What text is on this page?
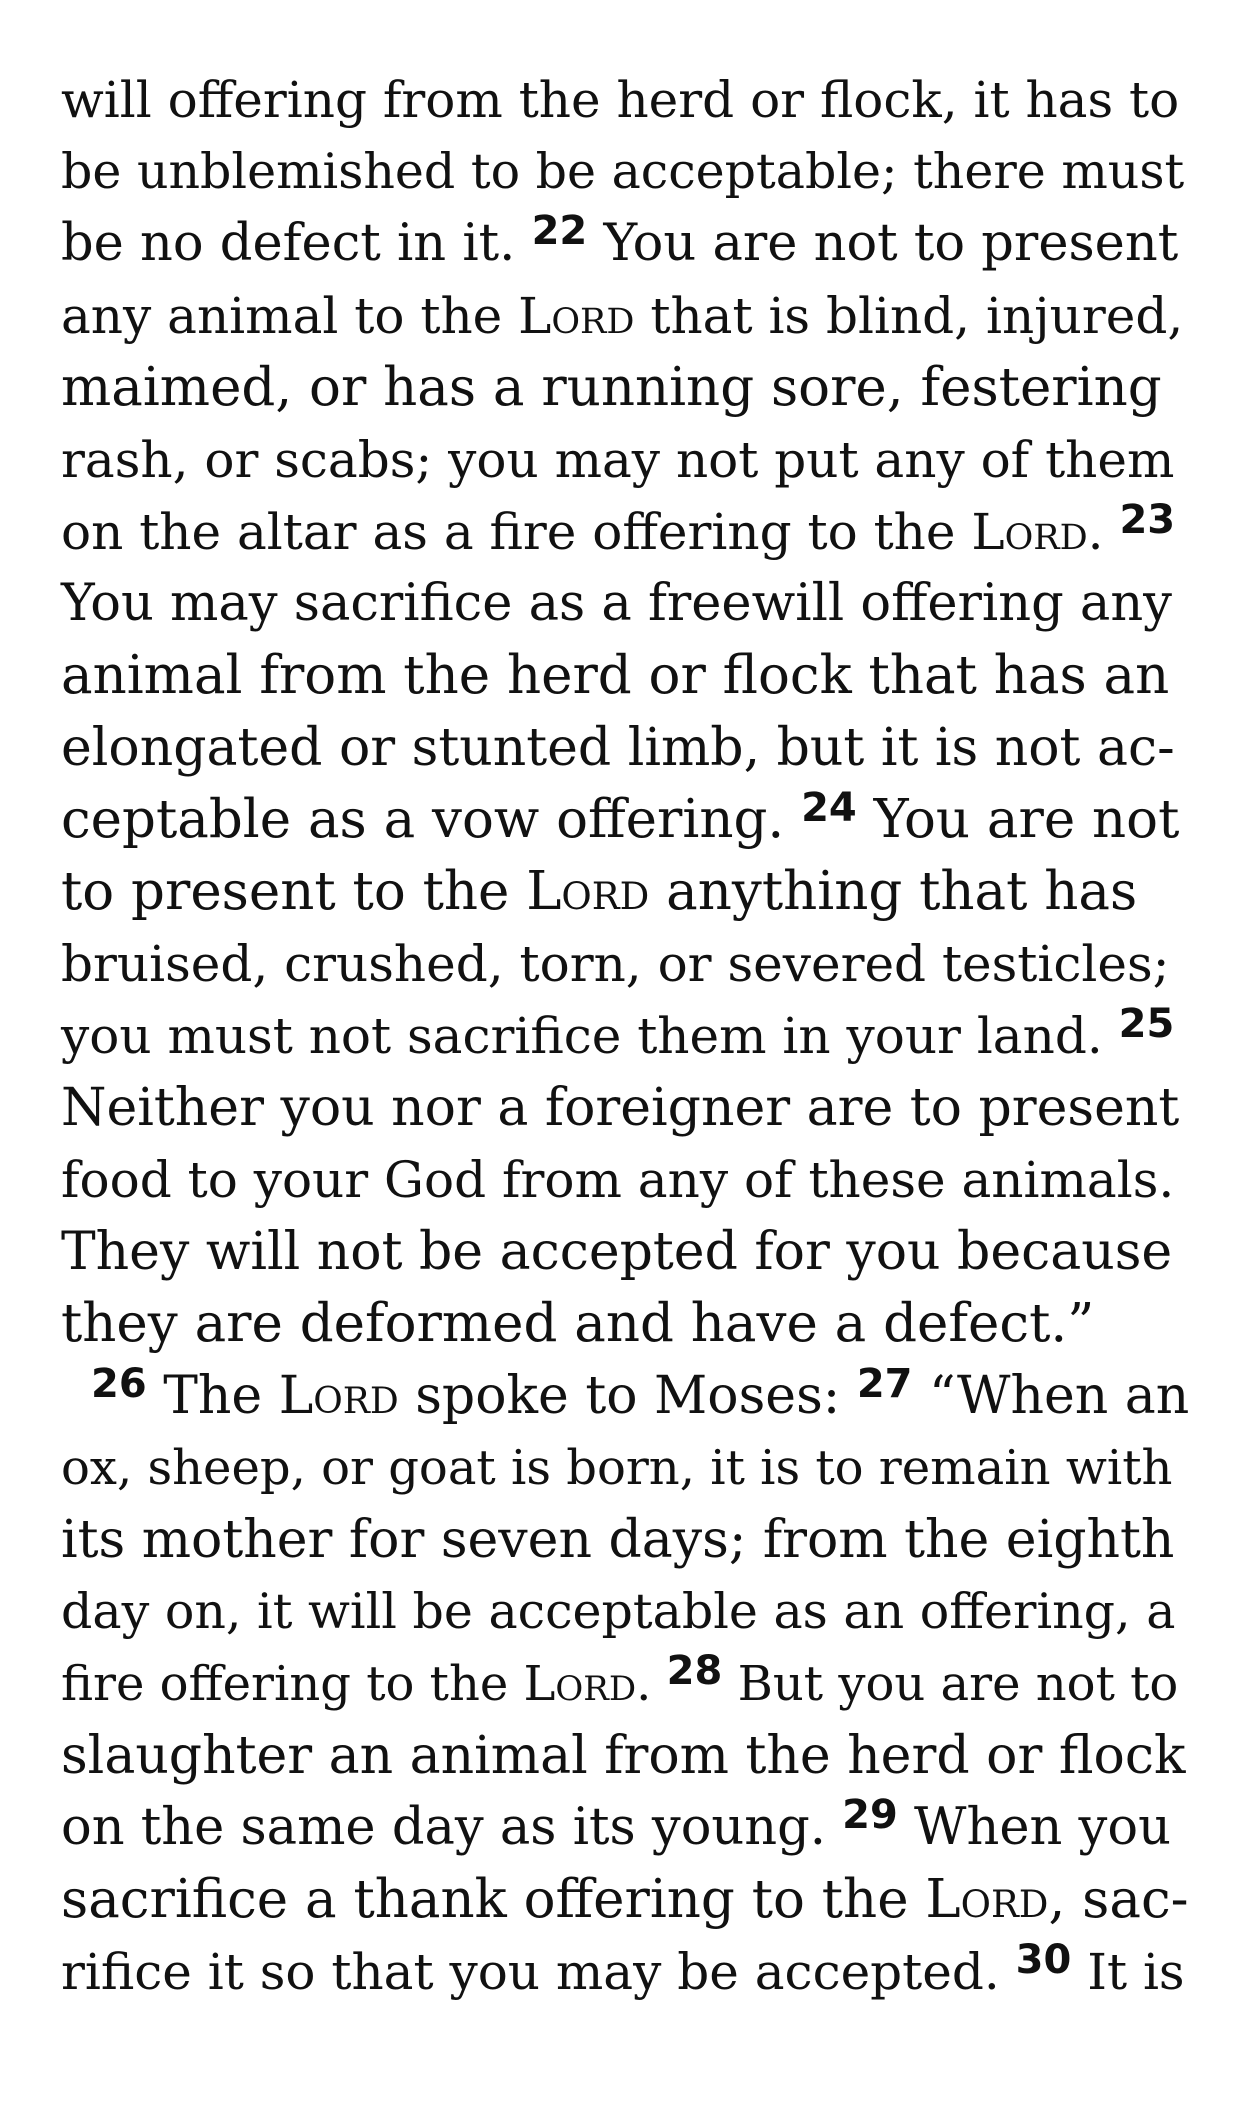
will offering from the herd or flock, it has to
be unblemished to be acceptable; there must
be no defect in it. $^{22}$ You are not to present
any animal to the Lord that is blind, injured,
maimed, or has a running sore, festering
rash, or scabs; you may not put any of them
on the altar as a fire offering to the Lord. $^{23}$
You may sacrifice as a freewill offering any
animal from the herd or flock that has an
elongated or stunted limb, but it is not ac-
ceptable as a vow offering. $^{24}$ You are not
to present to the Lord anything that has
bruised, crushed, torn, or severed testicles;
you must not sacrifice them in your land. $^{25}$
Neither you nor a foreigner are to present
food to your God from any of these animals.
They will not be accepted for you because
they are deformed and have a defect.”
$^{26}$ The Lord spoke to Moses: $^{27}$ “When an
ox, sheep, or goat is born, it is to remain with
its mother for seven days; from the eighth
day on, it will be acceptable as an offering, a
fire offering to the Lord. $^{28}$ But you are not to
slaughter an animal from the herd or flock
on the same day as its young. $^{29}$ When you
sacrifice a thank offering to the Lord, sac-
rifice it so that you may be accepted. $^{30}$ It is
